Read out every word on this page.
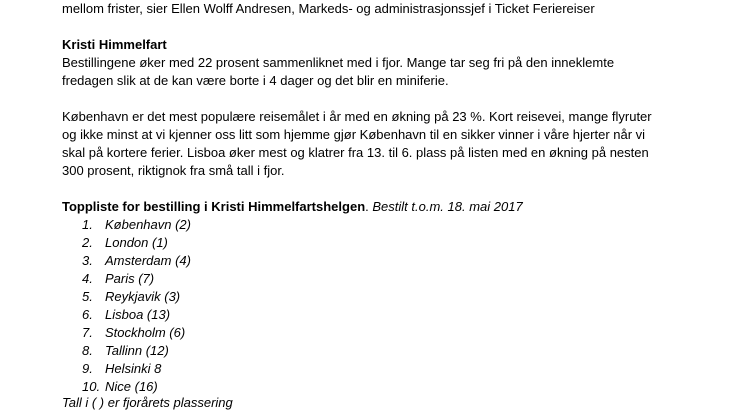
mellom frister, sier Ellen Wolff Andresen, Markeds- og administrasjonssjef i Ticket Feriereiser
Kristi Himmelfart
Bestillingene øker med 22 prosent sammenliknet med i fjor. Mange tar seg fri på den inneklemte
fredagen slik at de kan være borte i 4 dager og det blir en miniferie.
København er det mest populære reisemålet i år med en økning på 23 %. Kort reisevei, mange flyruter
og ikke minst at vi kjenner oss litt som hjemme gjør København til en sikker vinner i våre hjerter når vi
skal på kortere ferier. Lisboa øker mest og klatrer fra 13. til 6. plass på listen med en økning på nesten
300 prosent, riktignok fra små tall i fjor.
Toppliste for bestilling i Kristi Himmelfartshelgen. Bestilt t.o.m. 18. mai 2017
1. København (2)
2. London (1)
3. Amsterdam (4)
4. Paris (7)
5. Reykjavik (3)
6. Lisboa (13)
7. Stockholm (6)
8. Tallinn (12)
9. Helsinki 8
10. Nice (16)
Tall i ( ) er fjorårets plassering
